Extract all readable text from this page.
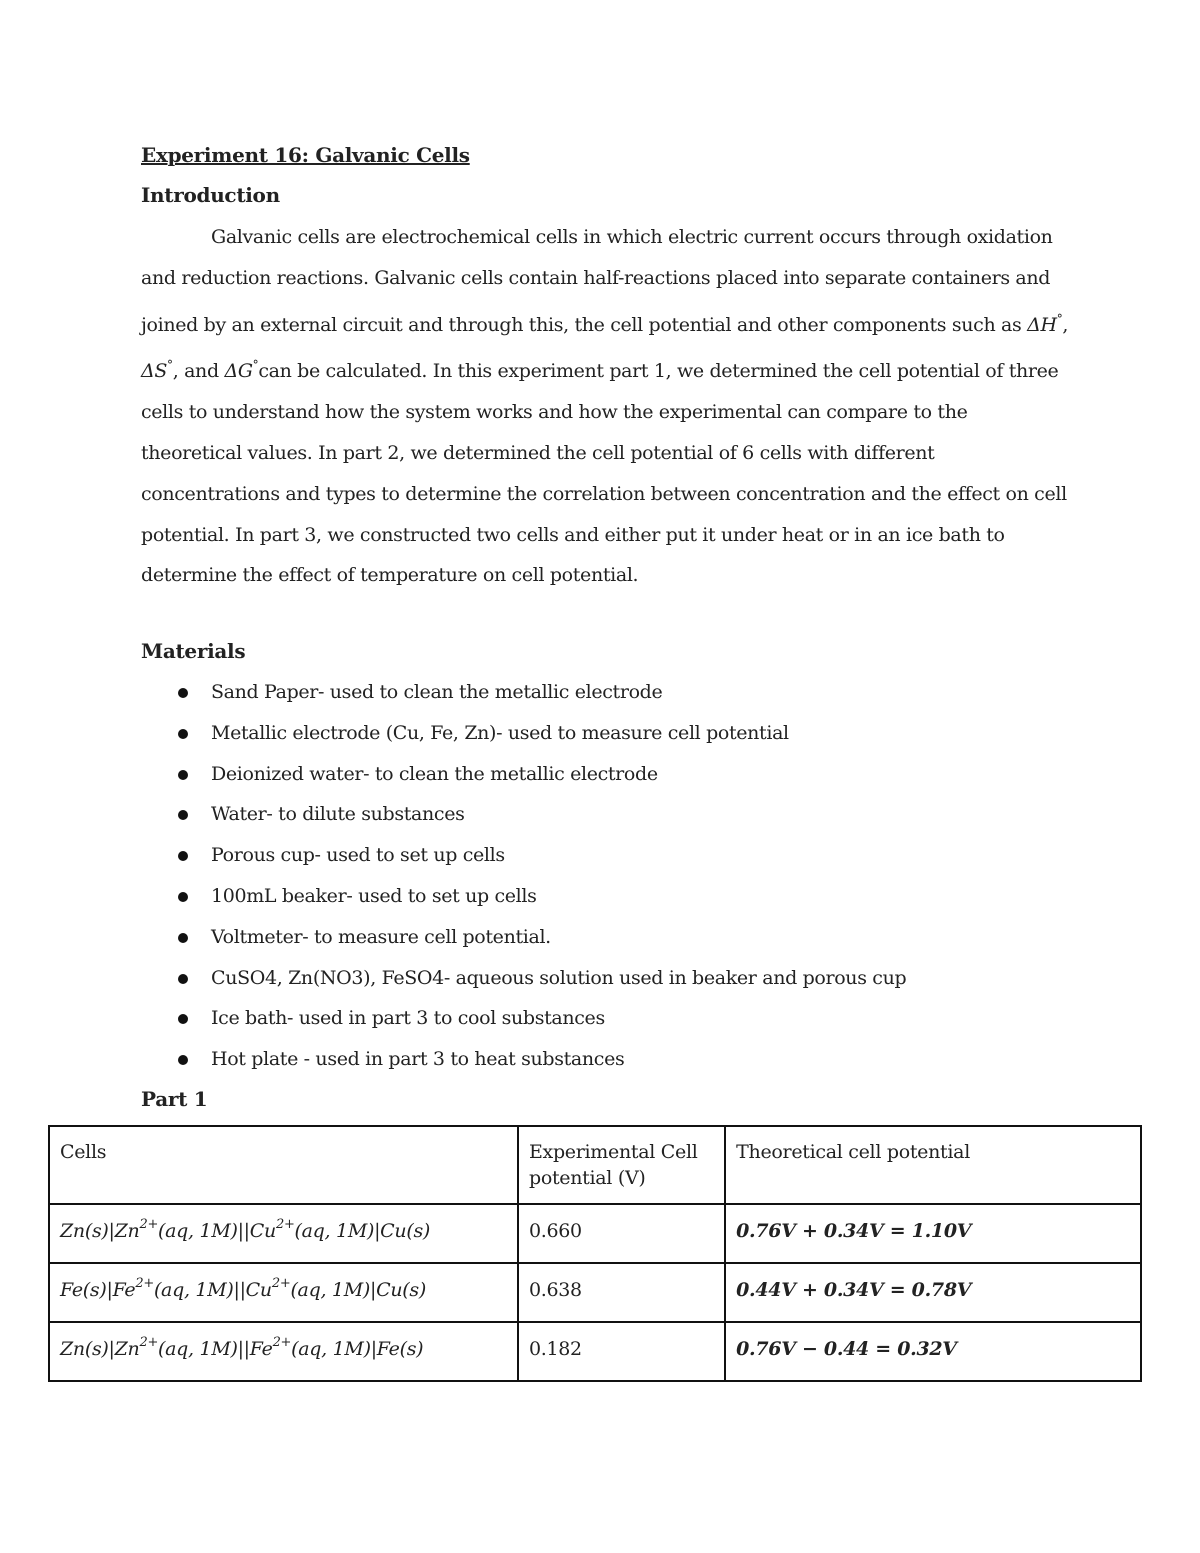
Experiment 16: Galvanic Cells
Introduction
Galvanic cells are electrochemical cells in which electric current occurs through oxidation and reduction reactions. Galvanic cells contain half-reactions placed into separate containers and joined by an external circuit and through this, the cell potential and other components such as ΔH°, ΔS°, and ΔG°can be calculated. In this experiment part 1, we determined the cell potential of three cells to understand how the system works and how the experimental can compare to the theoretical values. In part 2, we determined the cell potential of 6 cells with different concentrations and types to determine the correlation between concentration and the effect on cell potential. In part 3, we constructed two cells and either put it under heat or in an ice bath to determine the effect of temperature on cell potential.
Materials
Sand Paper- used to clean the metallic electrode
Metallic electrode (Cu, Fe, Zn)- used to measure cell potential
Deionized water- to clean the metallic electrode
Water- to dilute substances
Porous cup- used to set up cells
100mL beaker- used to set up cells
Voltmeter- to measure cell potential.
CuSO4, Zn(NO3), FeSO4- aqueous solution used in beaker and porous cup
Ice bath- used in part 3 to cool substances
Hot plate - used in part 3 to heat substances
Part 1
Cells	Experimental Cell potential (V)	Theoretical cell potential
$Zn(s)|Zn^{2+}(aq$, $1M)||Cu^{2+}(aq$, 1M)|Cu(s)	0.660	0.76V + 0.34V = 1.10V
$Fe(s)|Fe^{2+}(aq$, $1M)||Cu^{2+}(aq$, 1M)|Cu(s)	0.638	0.44V + 0.34V = 0.78V
$Zn(s)|Zn^{2+}(aq$, $1M)||Fe^{2+}(aq$, 1M)|Fe(s)	0.182	0.76V − 0.44 = 0.32V
